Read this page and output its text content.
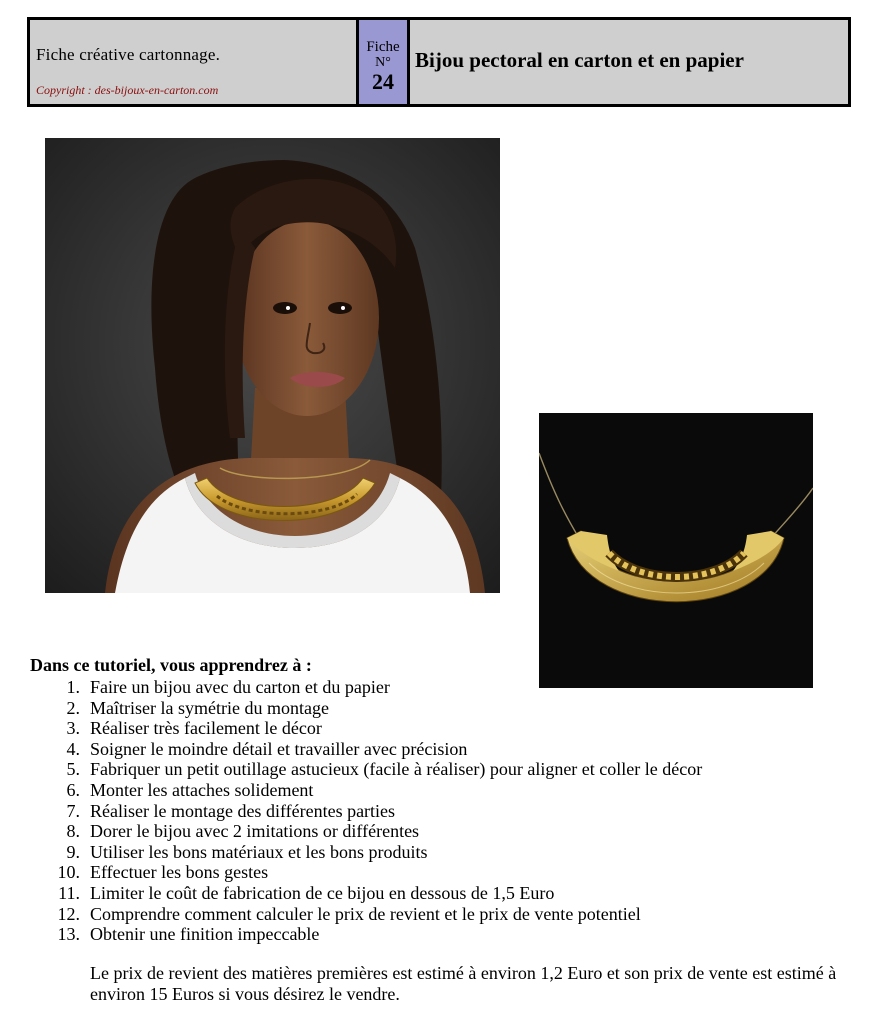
Fiche créative cartonnage.
Copyright : des-bijoux-en-carton.com
Fiche
N°
24
Bijou pectoral en carton et en papier
Dans ce tutoriel, vous apprendrez à :
1. Faire un bijou avec du carton et du papier
2. Maîtriser la symétrie du montage
3. Réaliser très facilement le décor
4. Soigner le moindre détail et travailler avec précision
5. Fabriquer un petit outillage astucieux (facile à réaliser) pour aligner et coller le décor
6. Monter les attaches solidement
7. Réaliser le montage des différentes parties
8. Dorer le bijou avec 2 imitations or différentes
9. Utiliser les bons matériaux et les bons produits
10. Effectuer les bons gestes
11. Limiter le coût de fabrication de ce bijou en dessous de 1,5 Euro
12. Comprendre comment calculer le prix de revient et le prix de vente potentiel
13. Obtenir une finition impeccable
Le prix de revient des matières premières est estimé à environ 1,2 Euro et son prix de vente est estimé à environ 15 Euros si vous désirez le vendre.
